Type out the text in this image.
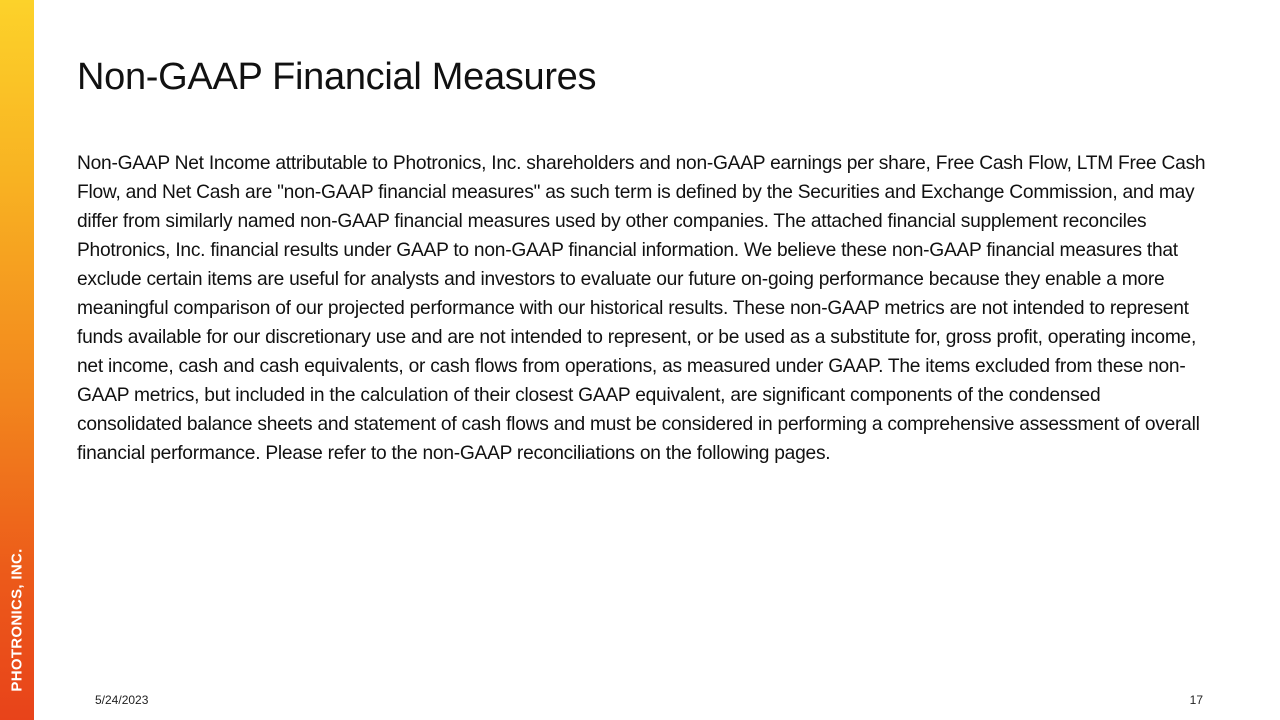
PHOTRONICS, INC.
Non-GAAP Financial Measures

Non-GAAP Net Income attributable to Photronics, Inc. shareholders and non-GAAP earnings per share, Free Cash Flow, LTM Free Cash Flow, and Net Cash are "non-GAAP financial measures" as such term is defined by the Securities and Exchange Commission, and may differ from similarly named non-GAAP financial measures used by other companies. The attached financial supplement reconciles Photronics, Inc. financial results under GAAP to non-GAAP financial information. We believe these non-GAAP financial measures that exclude certain items are useful for analysts and investors to evaluate our future on-going performance because they enable a more meaningful comparison of our projected performance with our historical results. These non-GAAP metrics are not intended to represent funds available for our discretionary use and are not intended to represent, or be used as a substitute for, gross profit, operating income, net income, cash and cash equivalents, or cash flows from operations, as measured under GAAP. The items excluded from these non-GAAP metrics, but included in the calculation of their closest GAAP equivalent, are significant components of the condensed consolidated balance sheets and statement of cash flows and must be considered in performing a comprehensive assessment of overall financial performance. Please refer to the non-GAAP reconciliations on the following pages.

5/24/2023	17
